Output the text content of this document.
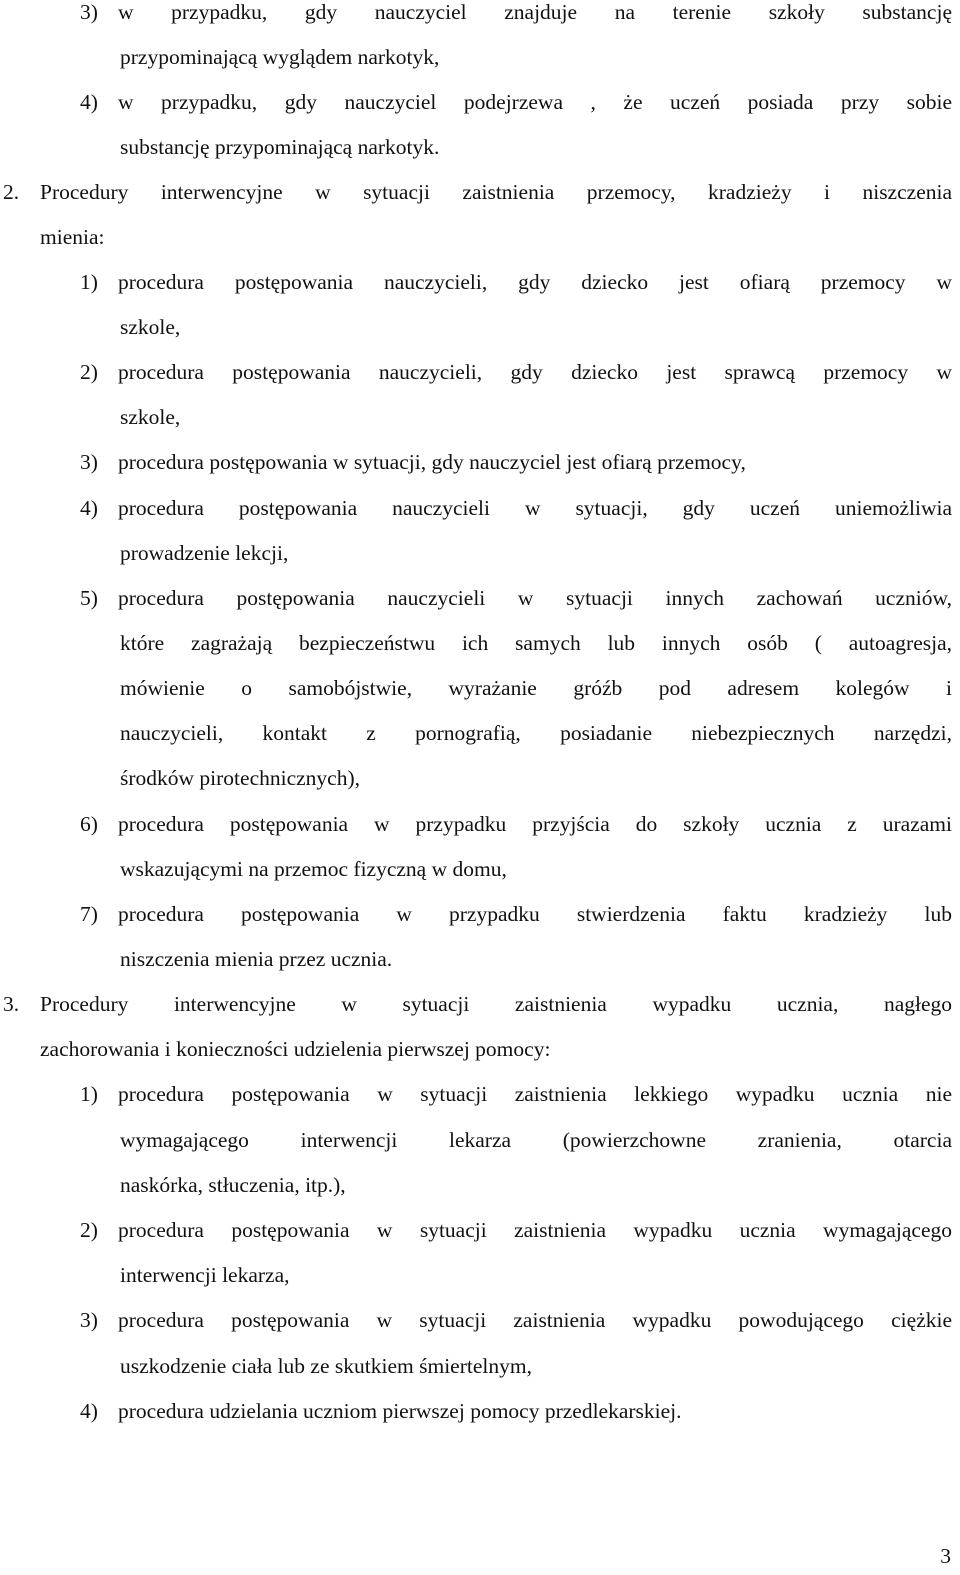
3) w przypadku, gdy nauczyciel znajduje na terenie szkoły substancję
przypominającą wyglądem narkotyk,
4) w przypadku, gdy nauczyciel podejrzewa , że uczeń posiada przy sobie
substancję przypominającą narkotyk.
2. Procedury interwencyjne w sytuacji zaistnienia przemocy, kradzieży i niszczenia
mienia:
1) procedura postępowania nauczycieli, gdy dziecko jest ofiarą przemocy w
szkole,
2) procedura postępowania nauczycieli, gdy dziecko jest sprawcą przemocy w
szkole,
3) procedura postępowania w sytuacji, gdy nauczyciel jest ofiarą przemocy,
4) procedura postępowania nauczycieli w sytuacji, gdy uczeń uniemożliwia
prowadzenie lekcji,
5) procedura postępowania nauczycieli w sytuacji innych zachowań uczniów,
które zagrażają bezpieczeństwu ich samych lub innych osób ( autoagresja,
mówienie o samobójstwie, wyrażanie gróźb pod adresem kolegów i
nauczycieli, kontakt z pornografią, posiadanie niebezpiecznych narzędzi,
środków pirotechnicznych),
6) procedura postępowania w przypadku przyjścia do szkoły ucznia z urazami
wskazującymi na przemoc fizyczną w domu,
7) procedura postępowania w przypadku stwierdzenia faktu kradzieży lub
niszczenia mienia przez ucznia.
3. Procedury interwencyjne w sytuacji zaistnienia wypadku ucznia, nagłego
zachorowania i konieczności udzielenia pierwszej pomocy:
1) procedura postępowania w sytuacji zaistnienia lekkiego wypadku ucznia nie
wymagającego interwencji lekarza (powierzchowne zranienia, otarcia
naskórka, stłuczenia, itp.),
2) procedura postępowania w sytuacji zaistnienia wypadku ucznia wymagającego
interwencji lekarza,
3) procedura postępowania w sytuacji zaistnienia wypadku powodującego ciężkie
uszkodzenie ciała lub ze skutkiem śmiertelnym,
4) procedura udzielania uczniom pierwszej pomocy przedlekarskiej.
3
